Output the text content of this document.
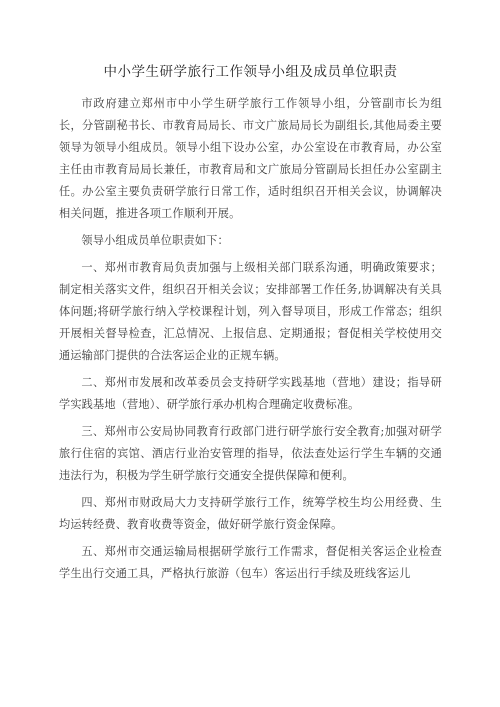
中小学生研学旅行工作领导小组及成员单位职责

市政府建立郑州市中小学生研学旅行工作领导小组，分管副市长为组长，分管副秘书长、市教育局局长、市文广旅局局长为副组长,其他局委主要领导为领导小组成员。领导小组下设办公室，办公室设在市教育局，办公室主任由市教育局局长兼任，市教育局和文广旅局分管副局长担任办公室副主任。办公室主要负责研学旅行日常工作，适时组织召开相关会议，协调解决相关问题，推进各项工作顺利开展。

领导小组成员单位职责如下：

一、郑州市教育局负责加强与上级相关部门联系沟通，明确政策要求；制定相关落实文件，组织召开相关会议；安排部署工作任务,协调解决有关具体问题;将研学旅行纳入学校课程计划，列入督导项目，形成工作常态；组织开展相关督导检查，汇总情况、上报信息、定期通报；督促相关学校使用交通运输部门提供的合法客运企业的正规车辆。

二、郑州市发展和改革委员会支持研学实践基地（营地）建设；指导研学实践基地（营地）、研学旅行承办机构合理确定收费标准。

三、郑州市公安局协同教育行政部门进行研学旅行安全教育;加强对研学旅行住宿的宾馆、酒店行业治安管理的指导，依法查处运行学生车辆的交通违法行为，积极为学生研学旅行交通安全提供保障和便利。

四、郑州市财政局大力支持研学旅行工作，统筹学校生均公用经费、生均运转经费、教育收费等资金，做好研学旅行资金保障。

五、郑州市交通运输局根据研学旅行工作需求，督促相关客运企业检查学生出行交通工具，严格执行旅游（包车）客运出行手续及班线客运儿
